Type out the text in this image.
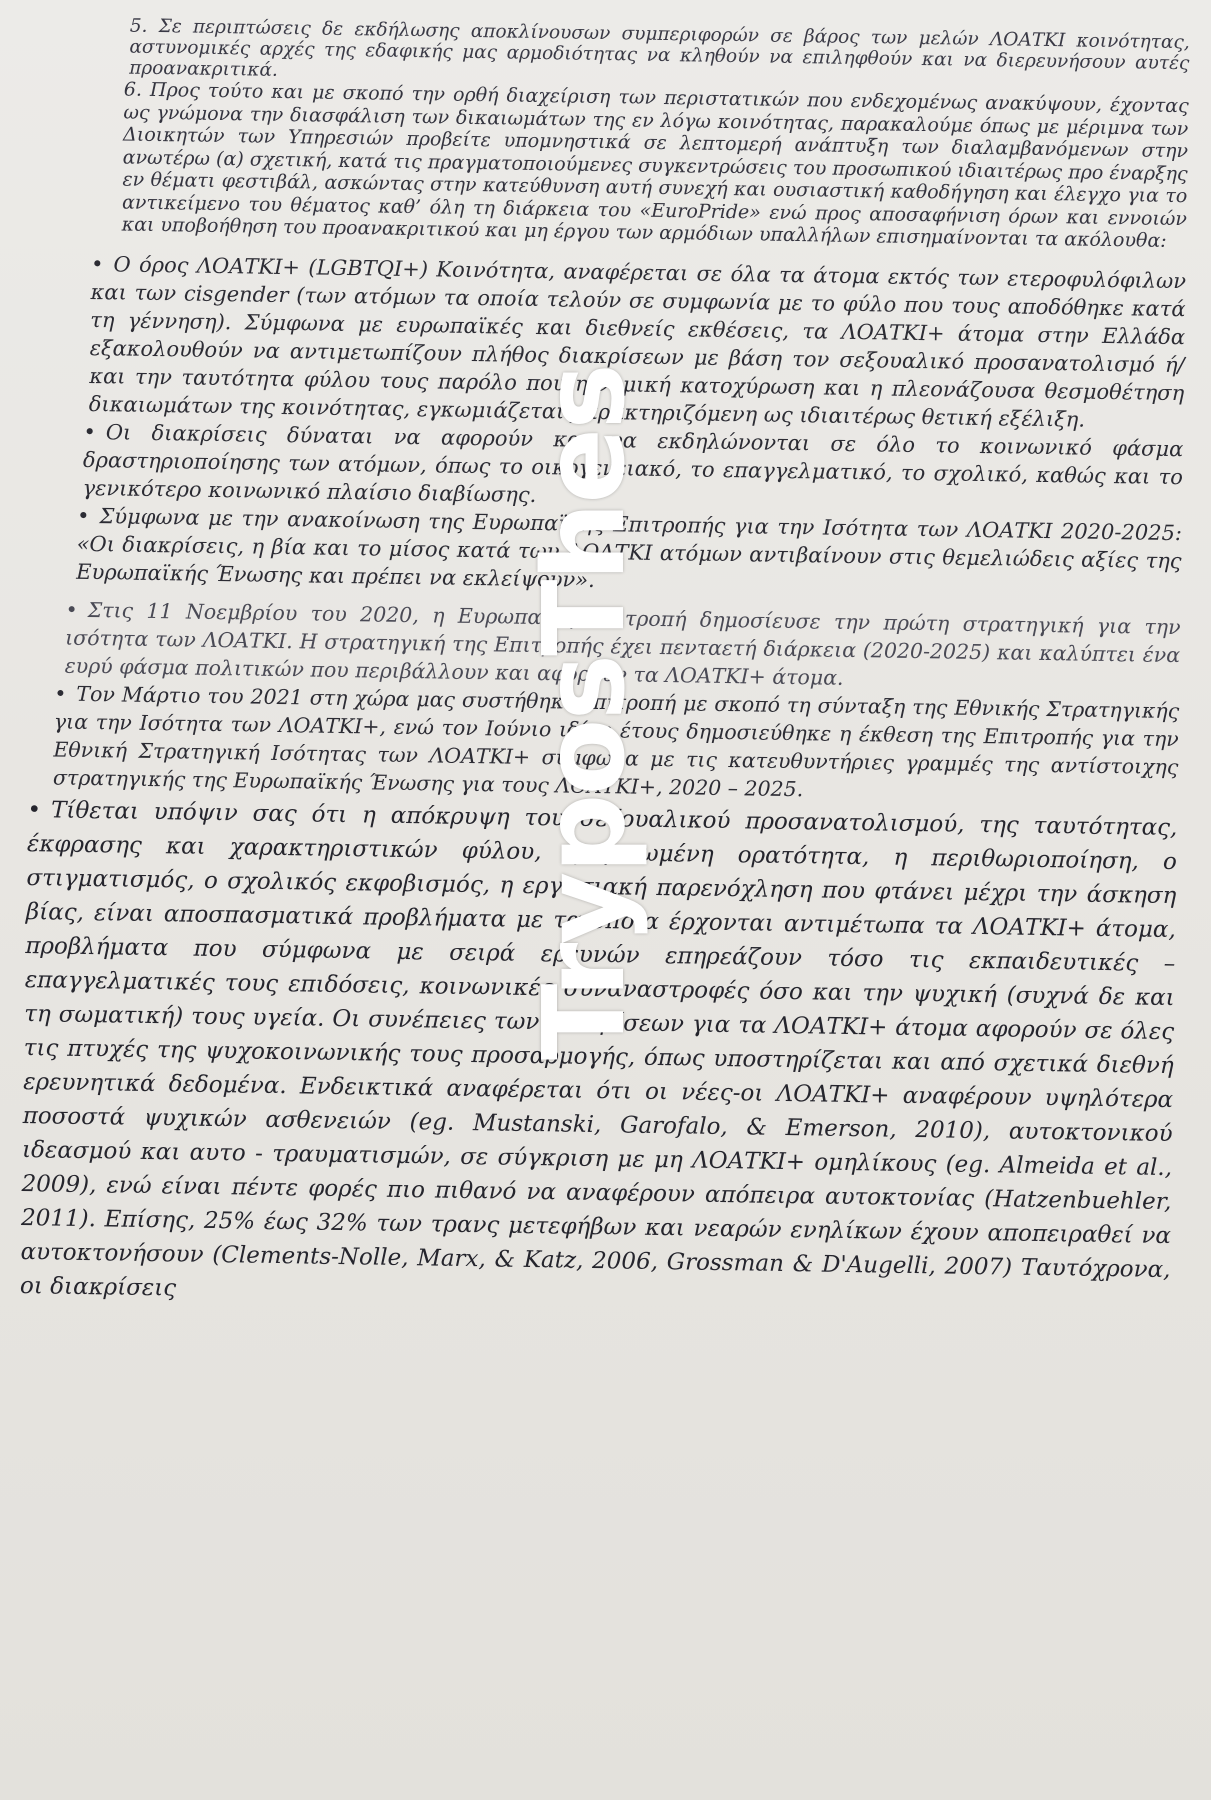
5. Σε περιπτώσεις δε εκδήλωσης αποκλίνουσων συμπεριφορών σε βάρος των μελών ΛΟΑΤΚΙ κοινότητας, αστυνομικές αρχές της εδαφικής μας αρμοδιότητας να κληθούν να επιληφθούν και να διερευνήσουν αυτές προανακριτικά.

6. Προς τούτο και με σκοπό την ορθή διαχείριση των περιστατικών που ενδεχομένως ανακύψουν, έχοντας ως γνώμονα την διασφάλιση των δικαιωμάτων της εν λόγω κοινότητας, παρακαλούμε όπως με μέριμνα των Διοικητών των Υπηρεσιών προβείτε υπομνηστικά σε λεπτομερή ανάπτυξη των διαλαμβανόμενων στην ανωτέρω (α) σχετική, κατά τις πραγματοποιούμενες συγκεντρώσεις του προσωπικού ιδιαιτέρως προ έναρξης εν θέματι φεστιβάλ, ασκώντας στην κατεύθυνση αυτή συνεχή και ουσιαστική καθοδήγηση και έλεγχο για το αντικείμενο του θέματος καθ’ όλη τη διάρκεια του «EuroPride» ενώ προς αποσαφήνιση όρων και εννοιών και υποβοήθηση του προανακριτικού και μη έργου των αρμόδιων υπαλλήλων επισημαίνονται τα ακόλουθα:

• Ο όρος ΛΟΑΤΚΙ+ (LGBTQI+) Κοινότητα, αναφέρεται σε όλα τα άτομα εκτός των ετεροφυλόφιλων και των cisgender (των ατόμων τα οποία τελούν σε συμφωνία με το φύλο που τους αποδόθηκε κατά τη γέννηση). Σύμφωνα με ευρωπαϊκές και διεθνείς εκθέσεις, τα ΛΟΑΤΚΙ+ άτομα στην Ελλάδα εξακολουθούν να αντιμετωπίζουν πλήθος διακρίσεων με βάση τον σεξουαλικό προσανατολισμό ή/και την ταυτότητα φύλου τους παρόλο που η νομική κατοχύρωση και η πλεονάζουσα θεσμοθέτηση δικαιωμάτων της κοινότητας, εγκωμιάζεται χαρακτηριζόμενη ως ιδιαιτέρως θετική εξέλιξη.

• Οι διακρίσεις δύναται να αφορούν και να εκδηλώνονται σε όλο το κοινωνικό φάσμα δραστηριοποίησης των ατόμων, όπως το οικογενειακό, το επαγγελματικό, το σχολικό, καθώς και το γενικότερο κοινωνικό πλαίσιο διαβίωσης.

• Σύμφωνα με την ανακοίνωση της Ευρωπαϊκής Επιτροπής για την Ισότητα των ΛΟΑΤΚΙ 2020-2025: «Οι διακρίσεις, η βία και το μίσος κατά των ΛΟΑΤΚΙ ατόμων αντιβαίνουν στις θεμελιώδεις αξίες της Ευρωπαϊκής Ένωσης και πρέπει να εκλείψουν».

• Στις 11 Νοεμβρίου του 2020, η Ευρωπαϊκή Επιτροπή δημοσίευσε την πρώτη στρατηγική για την ισότητα των ΛΟΑΤΚΙ. Η στρατηγική της Επιτροπής έχει πενταετή διάρκεια (2020-2025) και καλύπτει ένα ευρύ φάσμα πολιτικών που περιβάλλουν και αφορούν τα ΛΟΑΤΚΙ+ άτομα.

• Τον Μάρτιο του 2021 στη χώρα μας συστήθηκε επιτροπή με σκοπό τη σύνταξη της Εθνικής Στρατηγικής για την Ισότητα των ΛΟΑΤΚΙ+, ενώ τον Ιούνιο ιδίου έτους δημοσιεύθηκε η έκθεση της Επιτροπής για την Εθνική Στρατηγική Ισότητας των ΛΟΑΤΚΙ+ σύμφωνα με τις κατευθυντήριες γραμμές της αντίστοιχης στρατηγικής της Ευρωπαϊκής Ένωσης για τους ΛΟΑΤΚΙ+, 2020 – 2025.

• Τίθεται υπόψιν σας ότι η απόκρυψη του σεξουαλικού προσανατολισμού, της ταυτότητας, έκφρασης και χαρακτηριστικών φύλου, η μειωμένη ορατότητα, η περιθωριοποίηση, ο στιγματισμός, ο σχολικός εκφοβισμός, η εργασιακή παρενόχληση που φτάνει μέχρι την άσκηση βίας, είναι αποσπασματικά προβλήματα με τα οποία έρχονται αντιμέτωπα τα ΛΟΑΤΚΙ+ άτομα, προβλήματα που σύμφωνα με σειρά ερευνών επηρεάζουν τόσο τις εκπαιδευτικές – επαγγελματικές τους επιδόσεις, κοινωνικές συναναστροφές όσο και την ψυχική (συχνά δε και τη σωματική) τους υγεία. Οι συνέπειες των διακρίσεων για τα ΛΟΑΤΚΙ+ άτομα αφορούν σε όλες τις πτυχές της ψυχοκοινωνικής τους προσαρμογής, όπως υποστηρίζεται και από σχετικά διεθνή ερευνητικά δεδομένα. Ενδεικτικά αναφέρεται ότι οι νέες-οι ΛΟΑΤΚΙ+ αναφέρουν υψηλότερα ποσοστά ψυχικών ασθενειών (eg. Mustanski, Garofalo, & Emerson, 2010), αυτοκτονικού ιδεασμού και αυτο - τραυματισμών, σε σύγκριση με μη ΛΟΑΤΚΙ+ ομηλίκους (eg. Almeida et al., 2009), ενώ είναι πέντε φορές πιο πιθανό να αναφέρουν απόπειρα αυτοκτονίας (Hatzenbuehler, 2011). Επίσης, 25% έως 32% των τρανς μετεφήβων και νεαρών ενηλίκων έχουν αποπειραθεί να αυτοκτονήσουν (Clements-Nolle, Marx, & Katz, 2006, Grossman & D'Augelli, 2007) Ταυτόχρονα, οι διακρίσεις

TryposThes
